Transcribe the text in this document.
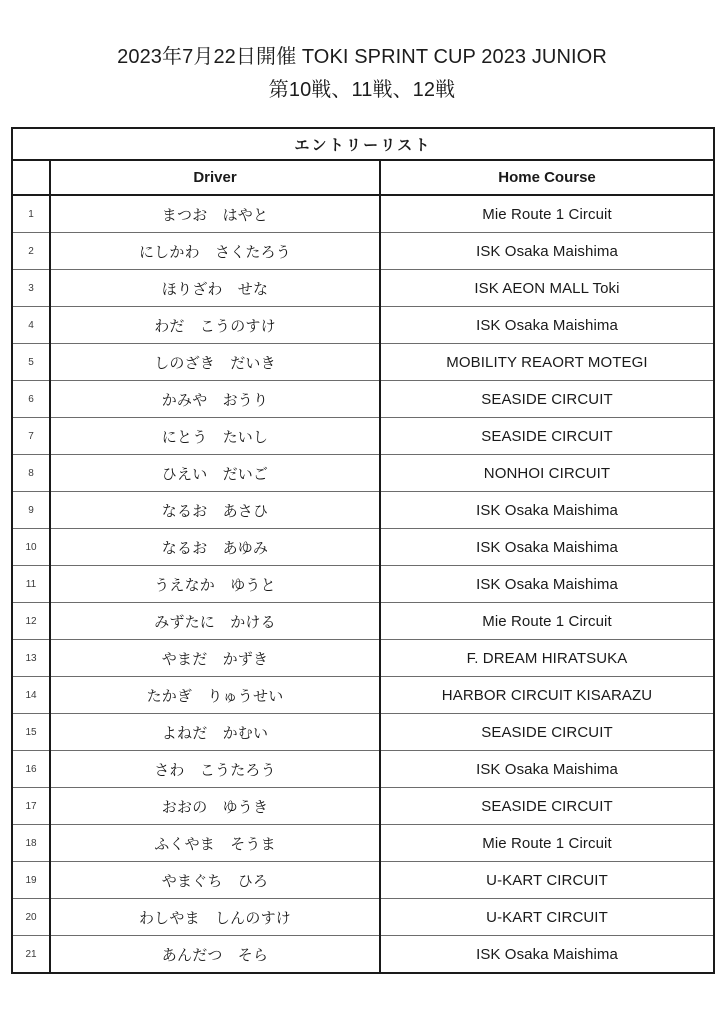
2023年7月22日開催 TOKI SPRINT CUP 2023 JUNIOR
第10戦、11戦、12戦
エントリーリスト		
	Driver	Home Course
1	まつお　はやと	Mie Route 1 Circuit
2	にしかわ　さくたろう	ISK Osaka Maishima
3	ほりざわ　せな	ISK AEON MALL Toki
4	わだ　こうのすけ	ISK Osaka Maishima
5	しのざき　だいき	MOBILITY REAORT MOTEGI
6	かみや　おうり	SEASIDE CIRCUIT
7	にとう　たいし	SEASIDE CIRCUIT
8	ひえい　だいご	NONHOI CIRCUIT
9	なるお　あさひ	ISK Osaka Maishima
10	なるお　あゆみ	ISK Osaka Maishima
11	うえなか　ゆうと	ISK Osaka Maishima
12	みずたに　かける	Mie Route 1 Circuit
13	やまだ　かずき	F. DREAM HIRATSUKA
14	たかぎ　りゅうせい	HARBOR CIRCUIT KISARAZU
15	よねだ　かむい	SEASIDE CIRCUIT
16	さわ　こうたろう	ISK Osaka Maishima
17	おおの　ゆうき	SEASIDE CIRCUIT
18	ふくやま　そうま	Mie Route 1 Circuit
19	やまぐち　ひろ	U-KART CIRCUIT
20	わしやま　しんのすけ	U-KART CIRCUIT
21	あんだつ　そら	ISK Osaka Maishima
